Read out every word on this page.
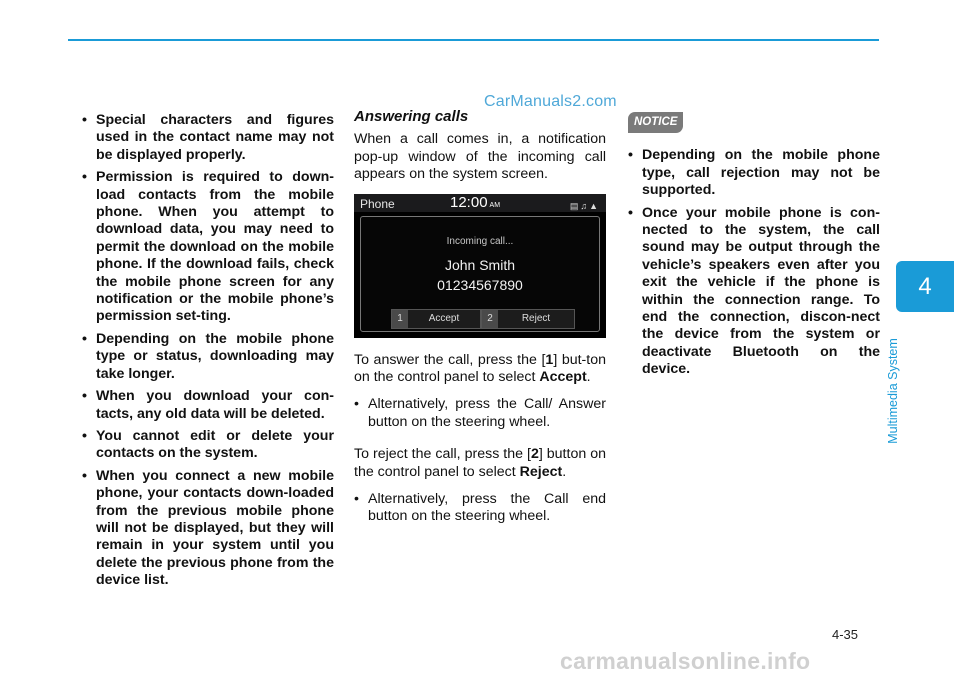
CarManuals2.com
• Special characters and figures used in the contact name may not be displayed properly.
• Permission is required to down-load contacts from the mobile phone. When you attempt to download data, you may need to permit the download on the mobile phone. If the download fails, check the mobile phone screen for any notification or the mobile phone’s permission set-ting.
• Depending on the mobile phone type or status, downloading may take longer.
• When you download your con-tacts, any old data will be deleted.
• You cannot edit or delete your contacts on the system.
• When you connect a new mobile phone, your contacts down-loaded from the previous mobile phone will not be displayed, but they will remain in your system until you delete the previous phone from the device list.
Answering calls

When a call comes in, a notification pop-up window of the incoming call appears on the system screen.

Phone	12:00 AM	▤♫▲
Incoming call...
John Smith
01234567890
1	Accept	2	Reject

To answer the call, press the [1] but-ton on the control panel to select Accept.

• Alternatively, press the Call/ Answer button on the steering wheel.

To reject the call, press the [2] button on the control panel to select Reject.

• Alternatively, press the Call end button on the steering wheel.
NOTICE
• Depending on the mobile phone type, call rejection may not be supported.
• Once your mobile phone is con-nected to the system, the call sound may be output through the vehicle’s speakers even after you exit the vehicle if the phone is within the connection range. To end the connection, discon-nect the device from the system or deactivate Bluetooth on the device.
4
Multimedia System
4-35
carmanualsonline.info
